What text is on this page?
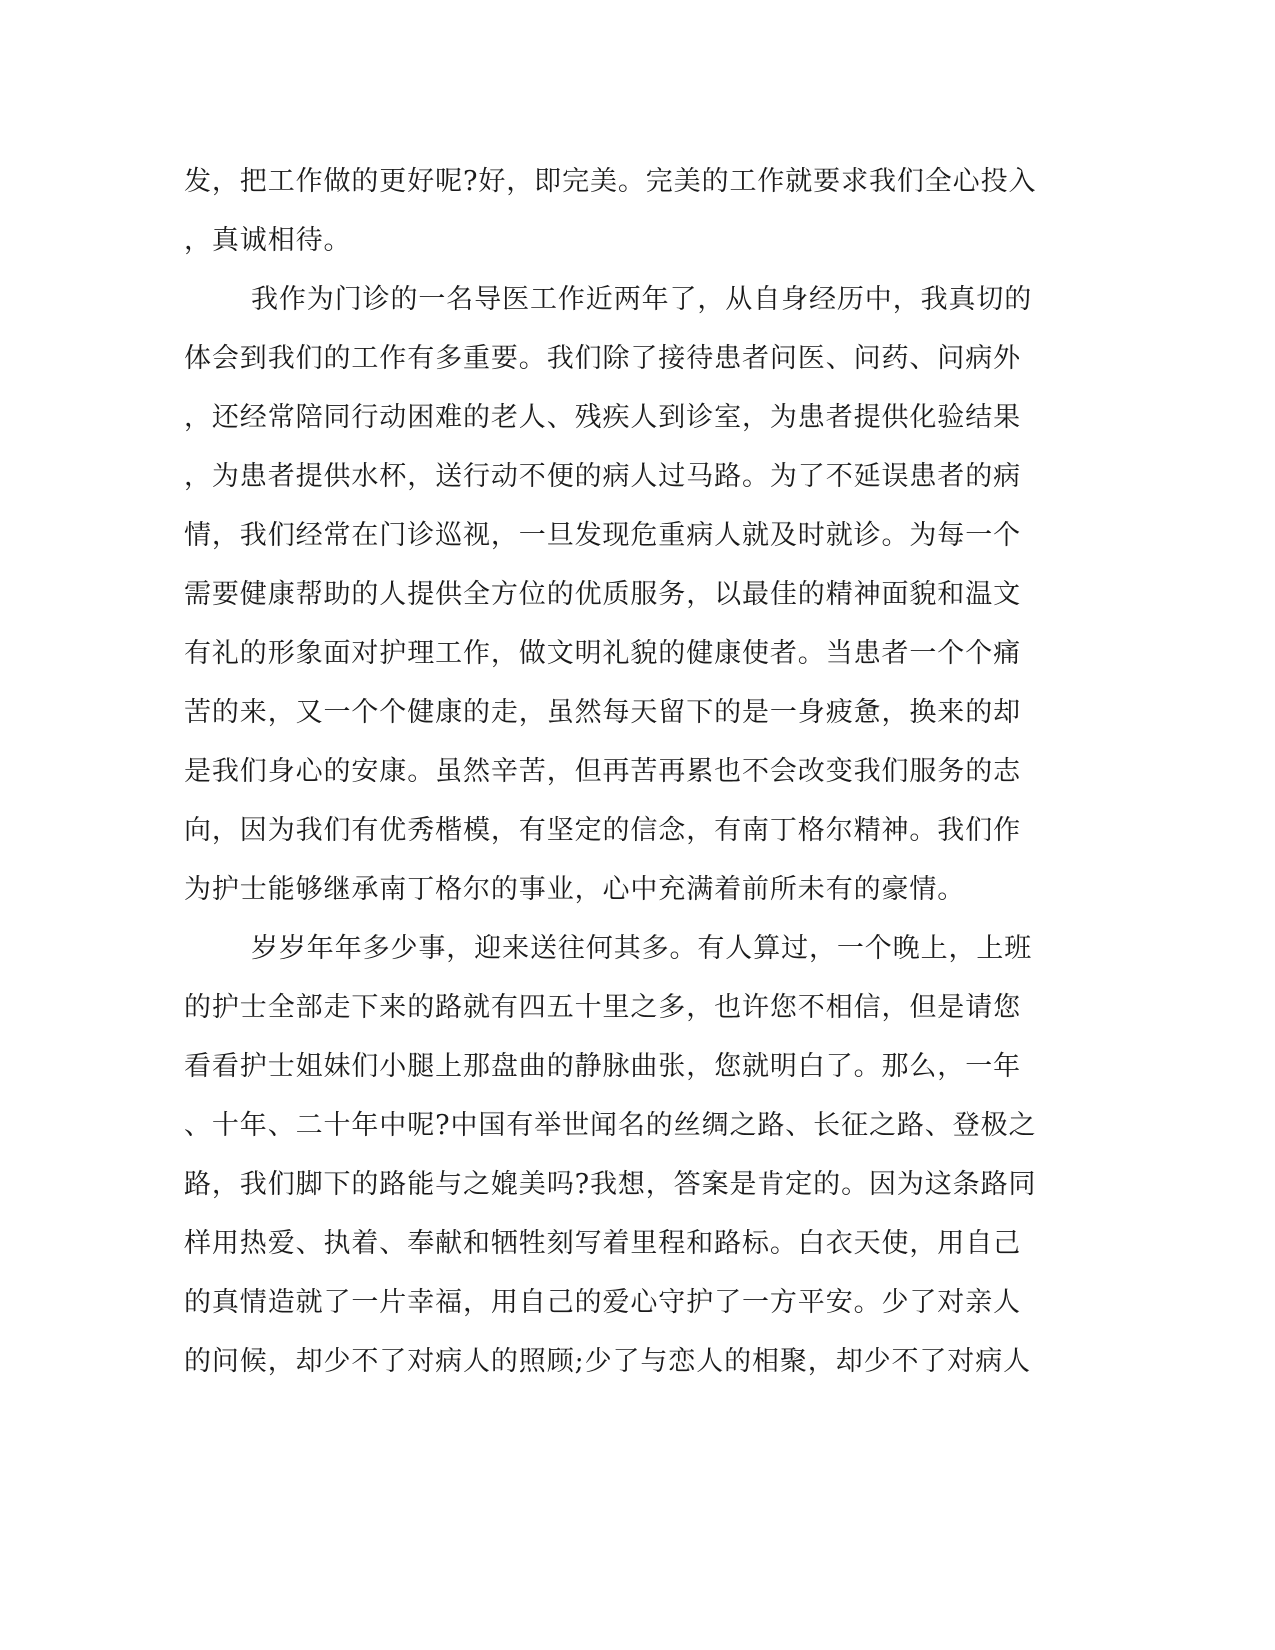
发，把工作做的更好呢?好，即完美。完美的工作就要求我们全心投入
，真诚相待。
我作为门诊的一名导医工作近两年了，从自身经历中，我真切的
体会到我们的工作有多重要。我们除了接待患者问医、问药、问病外
，还经常陪同行动困难的老人、残疾人到诊室，为患者提供化验结果
，为患者提供水杯，送行动不便的病人过马路。为了不延误患者的病
情，我们经常在门诊巡视，一旦发现危重病人就及时就诊。为每一个
需要健康帮助的人提供全方位的优质服务，以最佳的精神面貌和温文
有礼的形象面对护理工作，做文明礼貌的健康使者。当患者一个个痛
苦的来，又一个个健康的走，虽然每天留下的是一身疲惫，换来的却
是我们身心的安康。虽然辛苦，但再苦再累也不会改变我们服务的志
向，因为我们有优秀楷模，有坚定的信念，有南丁格尔精神。我们作
为护士能够继承南丁格尔的事业，心中充满着前所未有的豪情。
岁岁年年多少事，迎来送往何其多。有人算过，一个晚上，上班
的护士全部走下来的路就有四五十里之多，也许您不相信，但是请您
看看护士姐妹们小腿上那盘曲的静脉曲张，您就明白了。那么，一年
、十年、二十年中呢?中国有举世闻名的丝绸之路、长征之路、登极之
路，我们脚下的路能与之媲美吗?我想，答案是肯定的。因为这条路同
样用热爱、执着、奉献和牺牲刻写着里程和路标。白衣天使，用自己
的真情造就了一片幸福，用自己的爱心守护了一方平安。少了对亲人
的问候，却少不了对病人的照顾;少了与恋人的相聚，却少不了对病人
